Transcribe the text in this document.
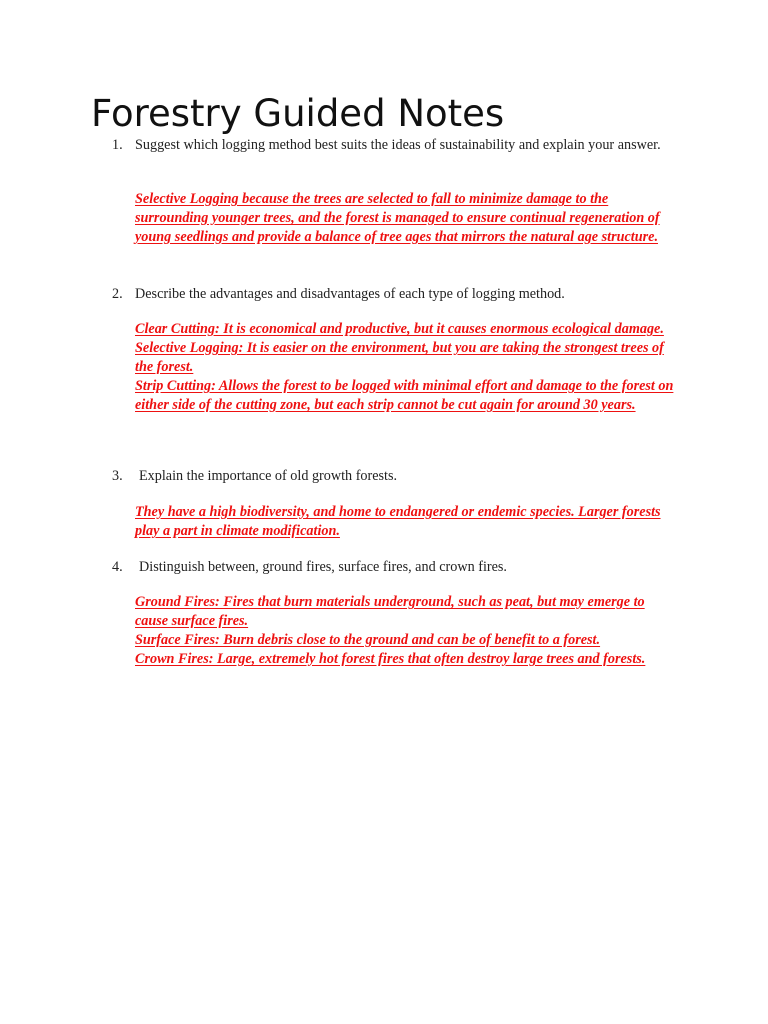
Forestry Guided Notes
1. Suggest which logging method best suits the ideas of sustainability and explain your answer.

Selective Logging because the trees are selected to fall to minimize damage to the surrounding younger trees, and the forest is managed to ensure continual regeneration of young seedlings and provide a balance of tree ages that mirrors the natural age structure.

2. Describe the advantages and disadvantages of each type of logging method.

Clear Cutting: It is economical and productive, but it causes enormous ecological damage.

Selective Logging: It is easier on the environment, but you are taking the strongest trees of the forest.

Strip Cutting: Allows the forest to be logged with minimal effort and damage to the forest on either side of the cutting zone, but each strip cannot be cut again for around 30 years.

3. Explain the importance of old growth forests.

They have a high biodiversity, and home to endangered or endemic species. Larger forests play a part in climate modification.

4. Distinguish between, ground fires, surface fires, and crown fires.

Ground Fires: Fires that burn materials underground, such as peat, but may emerge to cause surface fires.

Surface Fires: Burn debris close to the ground and can be of benefit to a forest.

Crown Fires: Large, extremely hot forest fires that often destroy large trees and forests.
